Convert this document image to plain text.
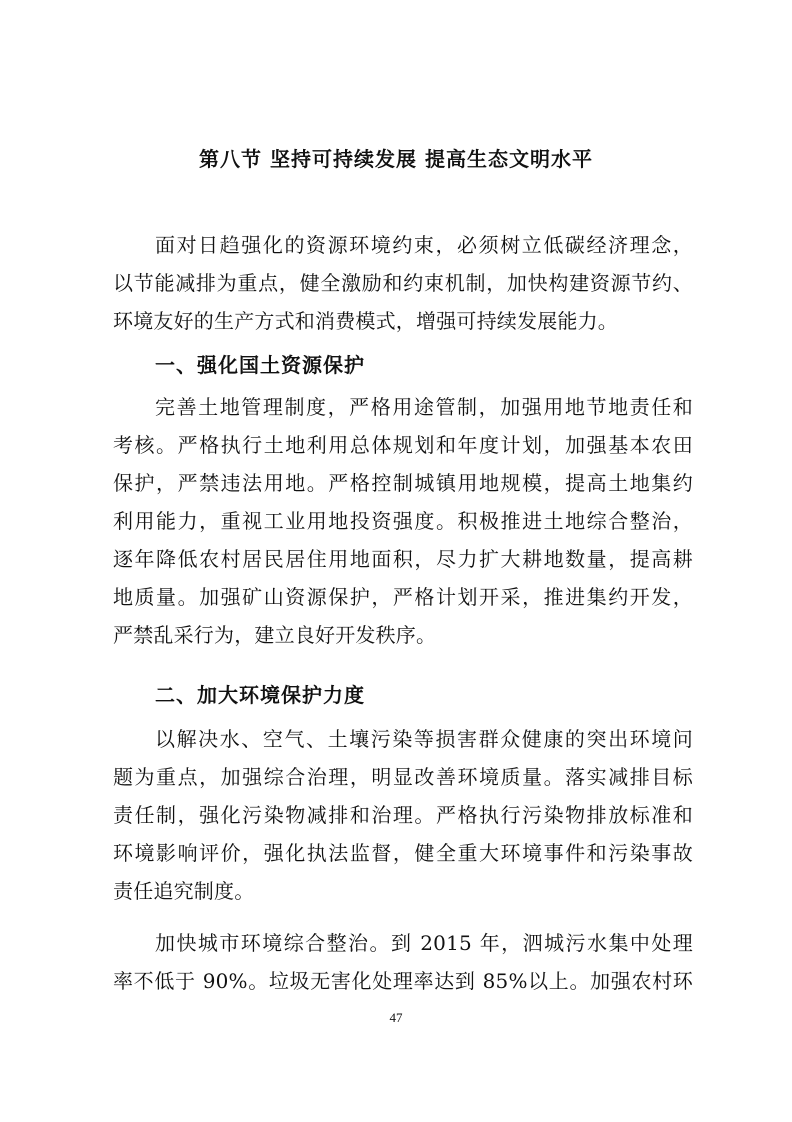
第八节 坚持可持续发展 提高生态文明水平
面对日趋强化的资源环境约束，必须树立低碳经济理念，
以节能减排为重点，健全激励和约束机制，加快构建资源节约、
环境友好的生产方式和消费模式，增强可持续发展能力。
一、强化国土资源保护
完善土地管理制度，严格用途管制，加强用地节地责任和
考核。严格执行土地利用总体规划和年度计划，加强基本农田
保护，严禁违法用地。严格控制城镇用地规模，提高土地集约
利用能力，重视工业用地投资强度。积极推进土地综合整治，
逐年降低农村居民居住用地面积，尽力扩大耕地数量，提高耕
地质量。加强矿山资源保护，严格计划开采，推进集约开发，
严禁乱采行为，建立良好开发秩序。
二、加大环境保护力度
以解决水、空气、土壤污染等损害群众健康的突出环境问
题为重点，加强综合治理，明显改善环境质量。落实减排目标
责任制，强化污染物减排和治理。严格执行污染物排放标准和
环境影响评价，强化执法监督，健全重大环境事件和污染事故
责任追究制度。
加快城市环境综合整治。到 2015 年，泗城污水集中处理
率不低于 90%。垃圾无害化处理率达到 85%以上。加强农村环
47
